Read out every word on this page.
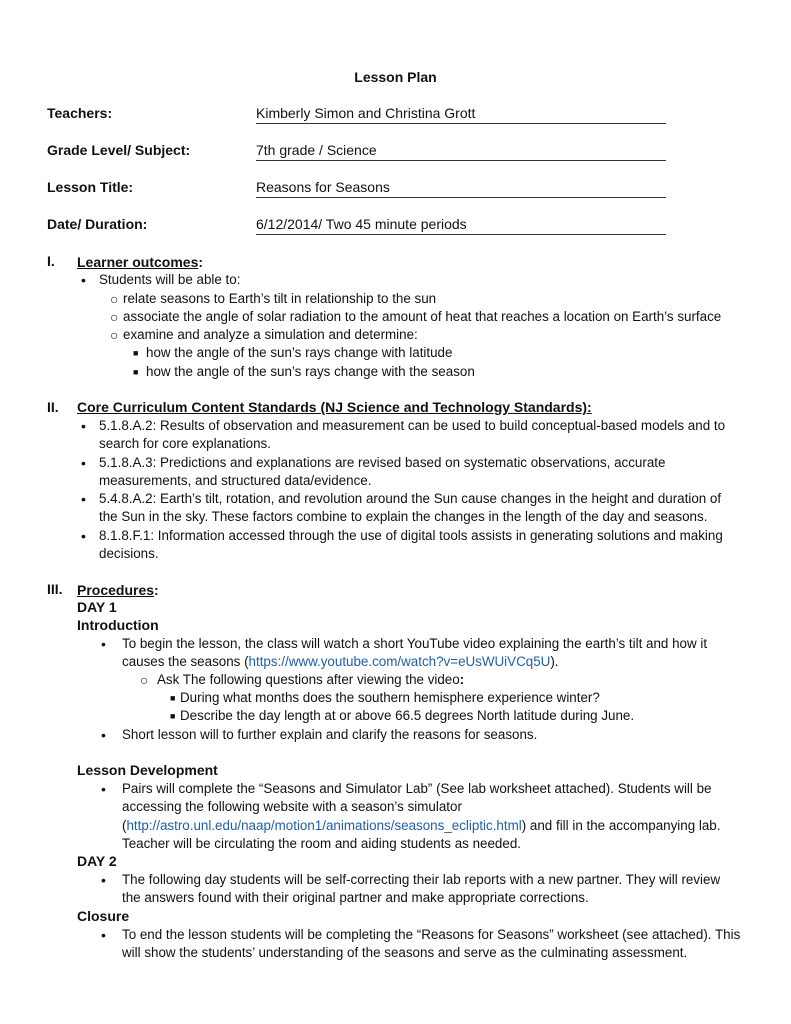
Lesson Plan
Teachers:	Kimberly Simon and Christina Grott
Grade Level/ Subject:	7th grade / Science
Lesson Title:	Reasons for Seasons
Date/ Duration:	6/12/2014/ Two 45 minute periods
I. Learner outcomes:
• Students will be able to:
○ relate seasons to Earth’s tilt in relationship to the sun
○ associate the angle of solar radiation to the amount of heat that reaches a location on Earth’s surface
○ examine and analyze a simulation and determine:
■ how the angle of the sun’s rays change with latitude
■ how the angle of the sun’s rays change with the season
II. Core Curriculum Content Standards (NJ Science and Technology Standards):
• 5.1.8.A.2: Results of observation and measurement can be used to build conceptual-based models and to search for core explanations.
• 5.1.8.A.3: Predictions and explanations are revised based on systematic observations, accurate measurements, and structured data/evidence.
• 5.4.8.A.2: Earth’s tilt, rotation, and revolution around the Sun cause changes in the height and duration of the Sun in the sky. These factors combine to explain the changes in the length of the day and seasons.
• 8.1.8.F.1: Information accessed through the use of digital tools assists in generating solutions and making decisions.
III. Procedures:
DAY 1
Introduction
• To begin the lesson, the class will watch a short YouTube video explaining the earth’s tilt and how it causes the seasons (https://www.youtube.com/watch?v=eUsWUiVCq5U).
○ Ask The following questions after viewing the video:
■ During what months does the southern hemisphere experience winter?
■ Describe the day length at or above 66.5 degrees North latitude during June.
• Short lesson will to further explain and clarify the reasons for seasons.
Lesson Development
• Pairs will complete the “Seasons and Simulator Lab” (See lab worksheet attached). Students will be accessing the following website with a season’s simulator (http://astro.unl.edu/naap/motion1/animations/seasons_ecliptic.html) and fill in the accompanying lab. Teacher will be circulating the room and aiding students as needed.
DAY 2
• The following day students will be self-correcting their lab reports with a new partner. They will review the answers found with their original partner and make appropriate corrections.
Closure
• To end the lesson students will be completing the “Reasons for Seasons” worksheet (see attached). This will show the students’ understanding of the seasons and serve as the culminating assessment.
